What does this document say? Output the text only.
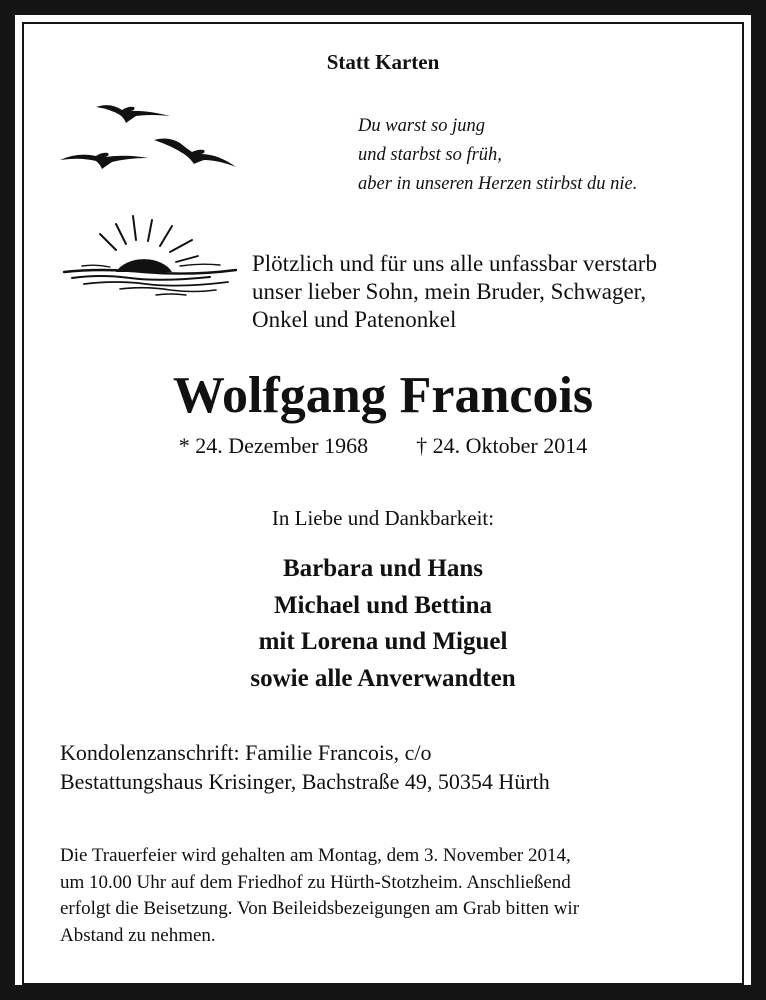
Statt Karten
Du warst so jung
und starbst so früh,
aber in unseren Herzen stirbst du nie.
Plötzlich und für uns alle unfassbar verstarb
unser lieber Sohn, mein Bruder, Schwager,
Onkel und Patenonkel
Wolfgang Francois
* 24. Dezember 1968 † 24. Oktober 2014
In Liebe und Dankbarkeit:
Barbara und Hans
Michael und Bettina
mit Lorena und Miguel
sowie alle Anverwandten
Kondolenzanschrift: Familie Francois, c/o
Bestattungshaus Krisinger, Bachstraße 49, 50354 Hürth
Die Trauerfeier wird gehalten am Montag, dem 3. November 2014,
um 10.00 Uhr auf dem Friedhof zu Hürth-Stotzheim. Anschließend
erfolgt die Beisetzung. Von Beileidsbezeigungen am Grab bitten wir
Abstand zu nehmen.
